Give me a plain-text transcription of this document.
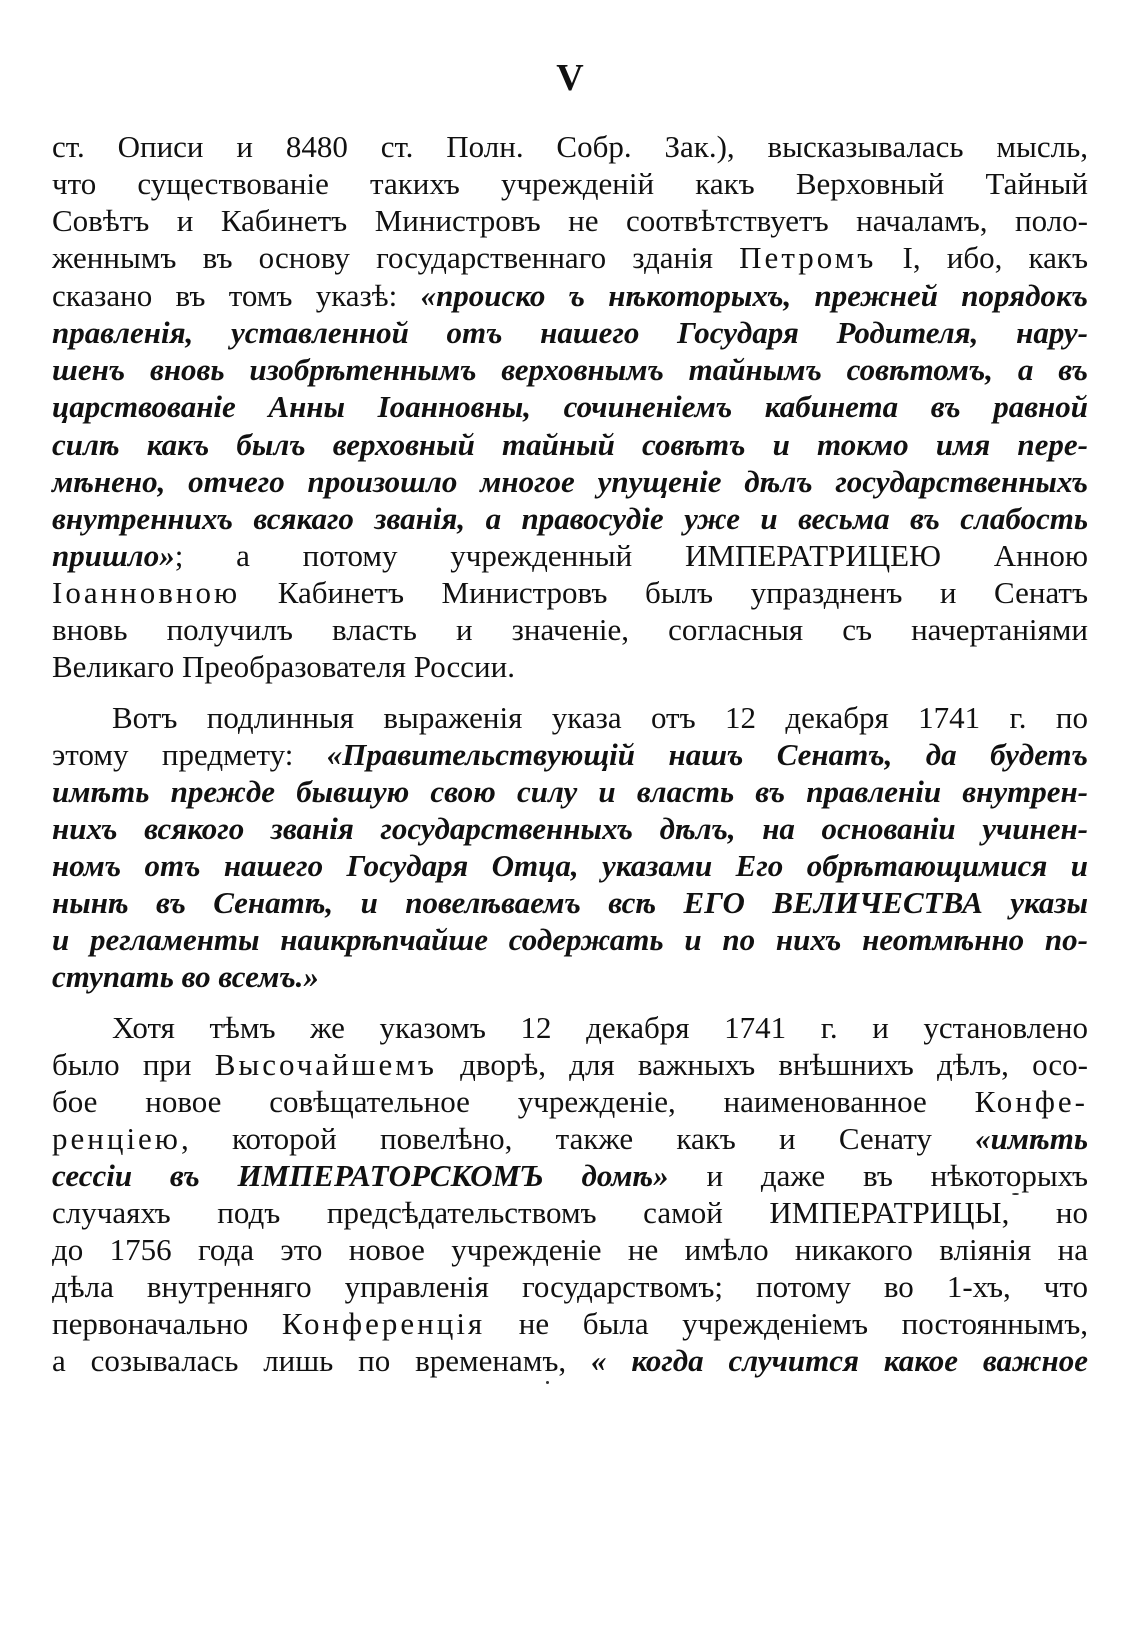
V
ст. Описи и 8480 ст. Полн. Собр. Зак.), высказывалась мысль,
что существованіе такихъ учрежденій какъ Верховный Тайный
Совѣтъ и Кабинетъ Министровъ не соотвѣтствуетъ началамъ, поло-
женнымъ въ основу государственнаго зданія Петромъ I, ибо, какъ
сказано въ томъ указѣ: «происко ъ нѣкоторыхъ, прежней порядокъ
правленія, уставленной отъ нашего Государя Родителя, нару-
шенъ вновь изобрѣтеннымъ верховнымъ тайнымъ совѣтомъ, а въ
царствованіе Анны Іоанновны, сочиненіемъ кабинета въ равной
силѣ какъ былъ верховный тайный совѣтъ и токмо имя пере-
мѣнено, отчего произошло многое упущеніе дѣлъ государственныхъ
внутреннихъ всякаго званія, а правосудіе уже и весьма въ слабость
пришло»; а потому учрежденный ИМПЕРАТРИЦЕЮ Анною
Іоанновною Кабинетъ Министровъ былъ упраздненъ и Сенатъ
вновь получилъ власть и значеніе, согласныя съ начертаніями
Великаго Преобразователя России.
Вотъ подлинныя выраженія указа отъ 12 декабря 1741 г. по
этому предмету: «Правительствующій нашъ Сенатъ, да будетъ
имѣть прежде бывшую свою силу и власть въ правленіи внутрен-
нихъ всякого званія государственныхъ дѣлъ, на основаніи учинен-
номъ отъ нашего Государя Отца, указами Его обрѣтающимися и
нынѣ въ Сенатѣ, и повелѣваемъ всѣ ЕГО ВЕЛИЧЕСТВА указы
и регламенты наикрѣпчайше содержать и по нихъ неотмѣнно по-
ступать во всемъ.»
Хотя тѣмъ же указомъ 12 декабря 1741 г. и установлено
было при Высочайшемъ дворѣ, для важныхъ внѣшнихъ дѣлъ, осо-
бое новое совѣщательное учрежденіе, наименованное Конфе-
ренціею, которой повелѣно, также какъ и Сенату «имѣть
сессіи въ ИМПЕРАТОРСКОМЪ домѣ» и даже въ нѣкоторыхъ
случаяхъ подъ предсѣдательствомъ самой ИМПЕРАТРИЦЫ, но
до 1756 года это новое учрежденіе не имѣло никакого вліянія на
дѣла внутренняго управленія государствомъ; потому во 1-хъ, что
первоначально Конференція не была учрежденіемъ постояннымъ,
а созывалась лишь по временамъ, « когда случится какое важное
